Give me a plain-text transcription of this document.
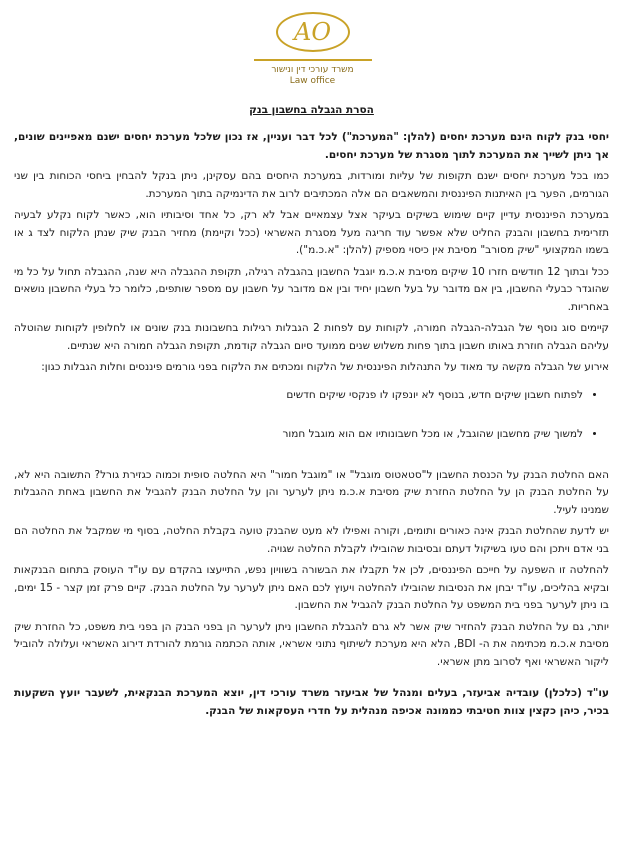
AO
משרד עורכי דין ונישור
Law office
הסרת הגבלה בחשבון בנק

יחסי בנק לקוח הינם מערכת יחסים (להלן: "המערכת") לכל דבר ועניין, אז נכון שלכל מערכת יחסים ישנם מאפיינים שונים, אך ניתן לשייך את המערכת לתוך מסגרת של מערכת יחסים.

כמו בכל מערכת יחסים ישנם תקופות של עליות ומורדות, במערכת היחסים בהם עסקינן, ניתן בנקל להבחין ביחסי הכוחות בין שני הגורמים, הפער בין האיתנות הפיננסית והמשאבים הם אלה המכתיבים לרוב את הדינמיקה בתוך המערכת.

במערכת הפיננסית עדיין קיים שימוש בשיקים בעיקר אצל עצמאיים אבל לא רק, כל אחד וסיבותיו הוא, כאשר לקוח נקלע לבעיה תזרימית בחשבון והבנק החליט שלא אפשר עוד חריגה מעל מסגרת האשראי (ככל וקיימת) מחזיר הבנק שיק שנתן הלקוח לצד ג או בשמו המקצועי "שיק מסורב" מסיבת אין כיסוי מספיק (להלן: "א.כ.מ").

ככל ובתוך 12 חודשים חזרו 10 שיקים מסיבת א.כ.מ יוגבל החשבון בהגבלה רגילה, תקופת ההגבלה היא שנה, ההגבלה תחול על כל מי שהוגדר כבעלי החשבון, בין אם מדובר על בעל חשבון יחיד ובין אם מדובר על חשבון עם מספר שותפים, כלומר כל בעלי החשבון נושאים באחריות.

קיימים סוג נוסף של הגבלה-הגבלה חמורה, לקוחות עם לפחות 2 הגבלות רגילות בחשבונות בנק שונים או לחלופין לקוחות שהוטלה עליהם הגבלה חוזרת באותו חשבון בתוך פחות משלוש שנים ממועד סיום הגבלה קודמת, תקופת הגבלה חמורה היא שנתיים.

אירוע של הגבלה מקשה עד מאוד על התנהלות הפיננסית של הלקוח ומכתים את הלקוח בפני גורמים פיננסים וחלות הגבלות כגון:

• לפתוח חשבון שיקים חדש, בנוסף לא יונפקו לו פנקסי שיקים חדשים
• למשוך שיק מחשבון שהוגבל, או מכל חשבונותיו אם הוא מוגבל חמור

האם החלטת הבנק על הכנסת החשבון ל"סטאטוס מוגבל" או "מוגבל חמור" היא החלטה סופית וכמוה כגזירת גורל? התשובה היא לא, על החלטת הבנק הן על החלטת החזרת שיק מסיבת א.כ.מ ניתן לערער והן על החלטת הבנק להגביל את החשבון באחת ההגבלות שמנינו לעיל.

יש לדעת שהחלטת הבנק אינה כאורים ותומים, וקורה ואפילו לא מעט שהבנק טועה בקבלת החלטה, בסוף מי שמקבל את החלטה הם בני אדם ויתכן והם טעו בשיקול דעתם ובסיבות שהובילו לקבלת החלטה שגויה.

להחלטה זו השפעה על חייכם הפיננסים, לכן אל תקבלו את הבשורה בשוויון נפש, התייעצו בהקדם עם עו"ד העוסק בתחום הבנקאות ובקיא בהליכים, עו"ד יבחן את הנסיבות שהובילו להחלטה ויעוץ לכם האם ניתן לערער על החלטת הבנק. קיים פרק זמן קצר - 15 ימים, בו ניתן לערער בפני בית המשפט על החלטת הבנק להגביל את החשבון.

יותר, גם על החלטת הבנק להחזיר שיק אשר לא גרם להגבלת החשבון ניתן לערער הן בפני הבנק הן בפני בית משפט, כל החזרת שיק מסיבת א.כ.מ מכתימה את ה- BDI, הלא היא מערכת לשיתוף נתוני אשראי, אותה הכתמה גורמת להורדת דירוג האשראי ועלולה להוביל ליקור האשראי ואף לסרוב מתן אשראי.

עו"ד (כלכלן) עובדיה אביעזר, בעלים ומנהל של אביעזר משרד עורכי דין, יוצא המערכת הבנקאית, לשעבר יועץ השקעות בכיר, כיהן כקצין צוות חטיבתי כממונה אכיפה מנהלית על חדרי העסקאות של הבנק.
